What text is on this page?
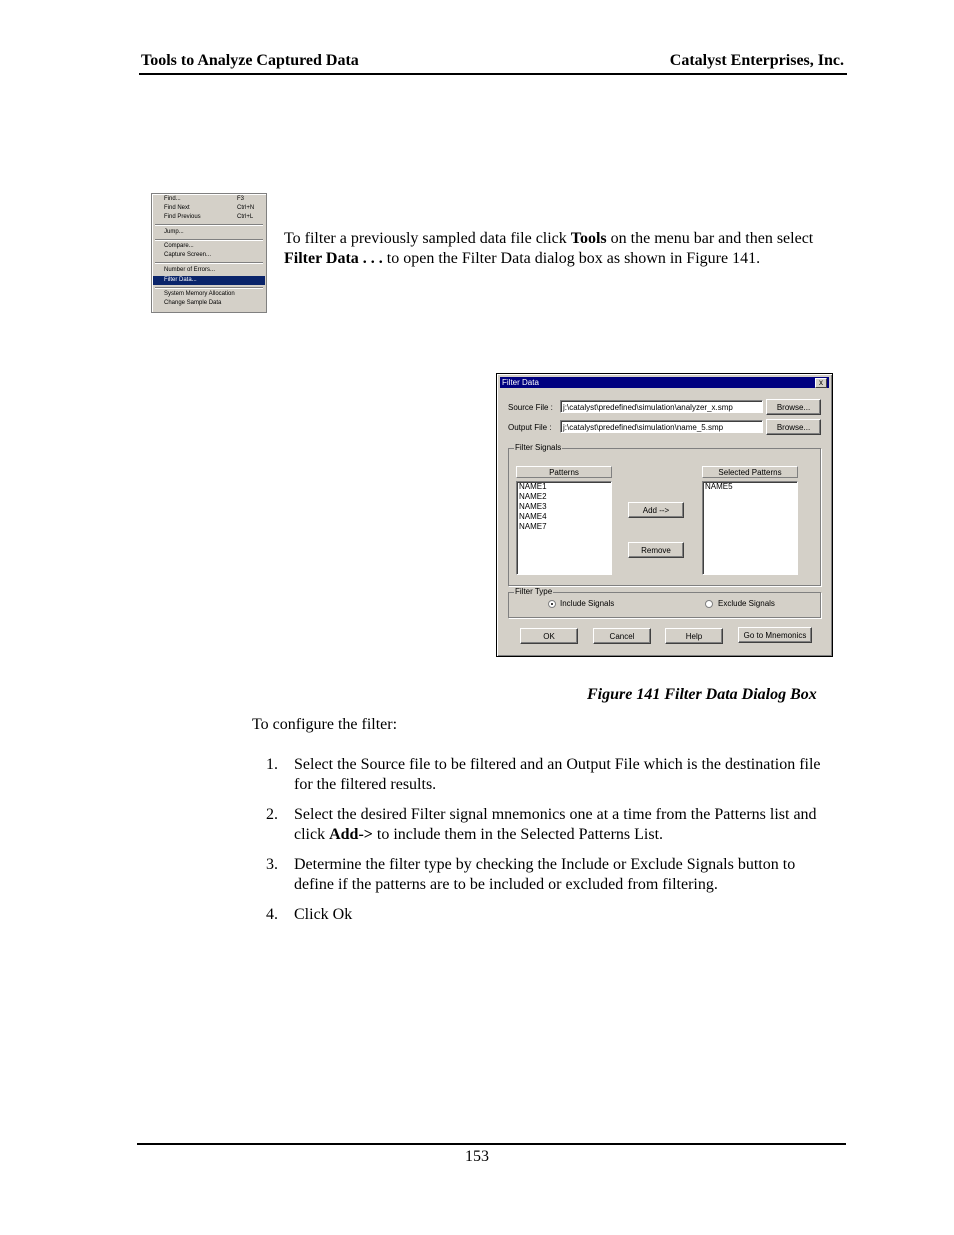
Tools to Analyze Captured Data	Catalyst Enterprises, Inc.
Find...	F3
Find Next	Ctrl+N
Find Previous	Ctrl+L
Jump...
Compare...
Capture Screen...
Number of Errors...
Filter Data...
System Memory Allocation
Change Sample Data
To filter a previously sampled data file click Tools on the menu bar and then select Filter Data . . . to open the Filter Data dialog box as shown in Figure 141.
Filter Data	x
Source File :	j:\catalyst\predefined\simulation\analyzer_x.smp	Browse...
Output File :	j:\catalyst\predefined\simulation\name_5.smp	Browse...
Filter Signals
Patterns
NAME1
NAME2
NAME3
NAME4
NAME7
Add -->
Remove
Selected Patterns
NAME5
Filter Type
Include Signals	Exclude Signals
OK	Cancel	Help	Go to Mnemonics
Figure 141 Filter Data Dialog Box
To configure the filter:
1. Select the Source file to be filtered and an Output File which is the destination file for the filtered results.
2. Select the desired Filter signal mnemonics one at a time from the Patterns list and click Add-> to include them in the Selected Patterns List.
3. Determine the filter type by checking the Include or Exclude Signals button to define if the patterns are to be included or excluded from filtering.
4. Click Ok
153
